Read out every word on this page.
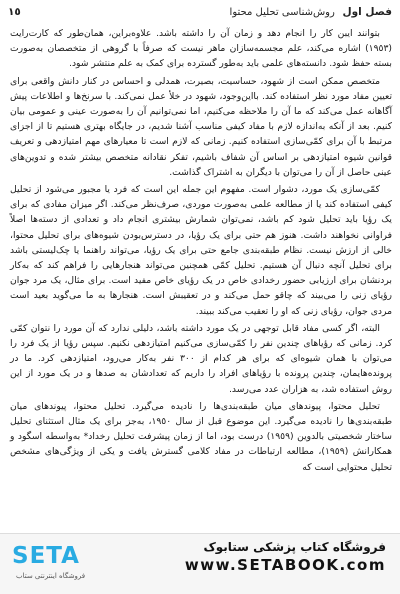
فصل اول روش‌شناسی تحلیل محتوا
١٥

بتوانند ایبن کار را انجام دهد و زمان آن را داشته باشد. علاوه‌براین، همان‌طور که کارت‌رایت (١٩٥٣) اشاره می‌کند، علم مجسمه‌سازان ماهر نیست که صرفاً با گروهی از متخصصان به‌صورت بسته حفظ شود. دانسته‌های علمی باید به‌طور گسترده برای کمک به علم منتشر شود.

متخصص ممکن است از شهود، حساسیت، بصیرت، همدلی و احساس در کنار دانش واقعی برای تعیین مفاد مورد نظر استفاده کند. بااین‌وجود، شهود در خلأ عمل نمی‌کند. با سرنخ‌ها و اطلاعات پیش آگاهانه عمل می‌کند که ما آن را ملاحظه می‌کنیم، اما نمی‌توانیم آن را به‌صورت عینی و عمومی بیان کنیم. بعد از آنکه به‌اندازه لازم با مفاد کیفی مناسب آشنا شدیم، در جایگاه بهتری هستیم تا از اجزای مرتبط با آن برای کمّی‌سازی استفاده کنیم. زمانی که لازم است تا معیارهای مهم امتیازدهی و تعریف قوانین شیوه امتیازدهی بر اساس آن شفاف باشیم، تفکر نقادانه متخصص بیشتر شده و تدوین‌های عینی حاصل از آن را می‌توان با دیگران به اشتراک گذاشت.

کمّی‌سازی یک مورد، دشوار است. مفهوم این جمله این است که فرد یا مجبور می‌شود از تحلیل کیفی استفاده کند یا از مطالعه علمی به‌صورت موردی، صرف‌نظر می‌کند. اگر میزان مفادی که برای یک رؤیا باید تحلیل شود کم باشد، نمی‌توان شمارش بیشتری انجام داد و تعدادی از دسته‌ها اصلاً فراوانی نخواهند داشت. هنوز هم حتی برای یک رؤیا، در دسترس‌بودن شیوه‌های برای تحلیل محتوا، خالی از ارزش نیست. نظام طبقه‌بندی جامع حتی برای یک رؤیا، می‌تواند راهنما یا چک‌لیستی باشد برای تحلیل آنچه دنبال آن هستیم. تحلیل کمّی همچنین می‌تواند هنجارهایی را فراهم کند که به‌کار بردنشان برای ارزیابی حضور رخدادی خاص در یک رؤیای خاص مفید است. برای مثال، یک مرد جوان رؤیای زنی را می‌بیند که چاقو حمل می‌کند و در تعقیبش است. هنجارها به ما می‌گوید بعید است مردی جوان، رؤیای زنی که او را تعقیب می‌کند ببیند.

البته، اگر کسی مفاد قابل توجهی در یک مورد داشته باشد، دلیلی ندارد که آن مورد را نتوان کمّی کرد. زمانی که رؤیاهای چندین نفر را کمّی‌سازی می‌کنیم امتیازدهی نکنیم. سپس رؤیا از یک فرد را می‌توان با همان شیوه‌ای که برای هر کدام از ٣٠٠ نفر به‌کار می‌رود، امتیازدهی کرد. ما در پرونده‌هایمان، چندین پرونده با رؤیاهای افراد را داریم که تعدادشان به صدها و در یک مورد از این روش استفاده شد، به هزاران عدد می‌رسد.

تحلیل محتوا، پیوندهای میان طبقه‌بندی‌ها را نادیده می‌گیرد. تحلیل محتوا، پیوندهای میان طبقه‌بندی‌ها را نادیده می‌گیرد. این موضوع قبل از سال ١٩٥٠، به‌جز برای یک مثال استثنای تحلیل ساختار شخصیتی بالدوین (١٩٥٩) درست بود، اما از زمان پیشرفت تحلیل رخداد* به‌واسطه اسگود و همکارانش (١٩٥٩)، مطالعه ارتباطات در مفاد کلامی گسترش یافت و یکی از ویژگی‌های مشخص تحلیل محتوایی است که

SETA
فروشگاه اینترنتی ستاب
فروشگاه کتاب پزشکی ستابوک
www.SETABOOK.com
